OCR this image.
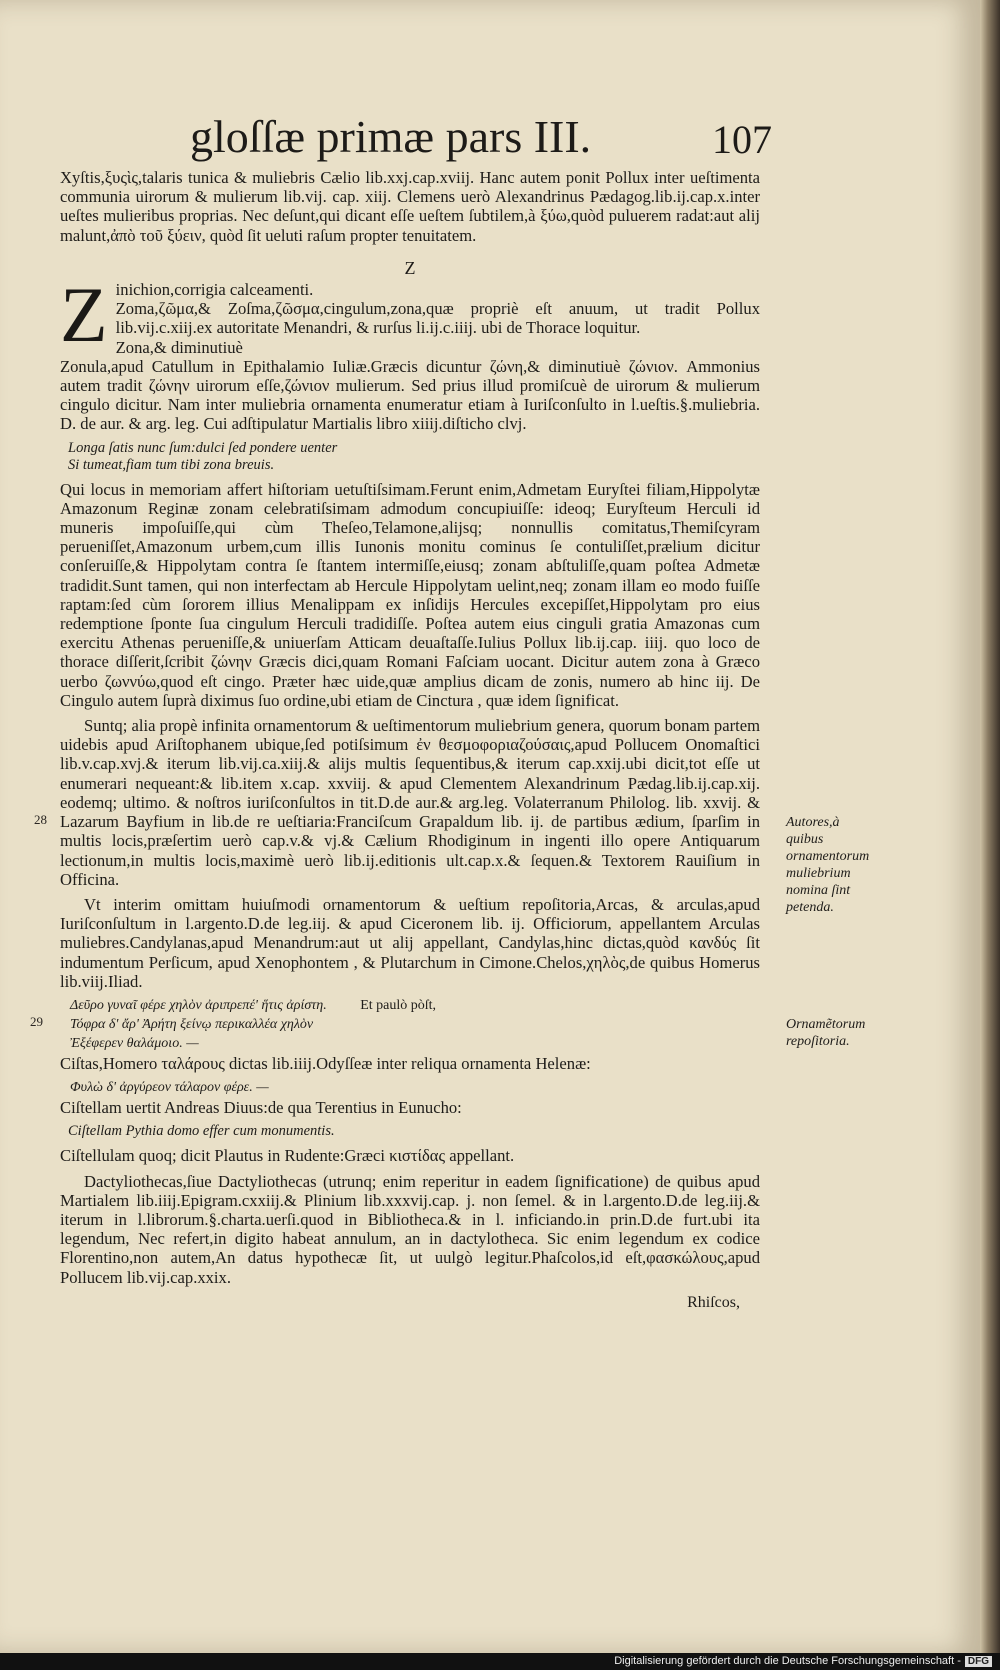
gloſſæ primæ pars III.	107

Xyſtis,ξυςὶς,talaris tunica & muliebris Cælio lib.xxj.cap.xviij. Hanc autem ponit Pollux inter ueſtimenta communia uirorum & mulierum lib.vij. cap. xiij. Clemens uerò Alexandrinus Pædagog.lib.ij.cap.x.inter ueſtes mulieribus proprias. Nec deſunt,qui dicant eſſe ueſtem ſubtilem,à ξύω,quòd puluerem radat:aut alij malunt,ἀπὸ τοῦ ξύειν, quòd ſit ueluti raſum propter tenuitatem.

Z

Z inichion,corrigia calceamenti.
Zoma,ζῶμα,& Zoſma,ζῶσμα,cingulum,zona,quæ propriè eſt anuum, ut tradit Pollux lib.vij.c.xiij.ex autoritate Menandri, & rurſus li.ij.c.iiij. ubi de Thorace loquitur.
Zona,& diminutiuè

Zonula,apud Catullum in Epithalamio Iuliæ.Græcis dicuntur ζώνη,& diminutiuè ζώνιον. Ammonius autem tradit ζώνην uirorum eſſe,ζώνιον mulierum. Sed prius illud promiſcuè de uirorum & mulierum cingulo dicitur. Nam inter muliebria ornamenta enumeratur etiam à Iuriſconſulto in l.ueſtis.§.muliebria. D. de aur. & arg. leg. Cui adſtipulatur Martialis libro xiiij.diſticho clvj.

Longa ſatis nunc ſum:dulci ſed pondere uenter
Si tumeat,fiam tum tibi zona breuis.

Qui locus in memoriam affert hiſtoriam uetuſtiſsimam.Ferunt enim,Admetam Euryſtei filiam,Hippolytæ Amazonum Reginæ zonam celebratiſsimam admodum concupiuiſſe: ideoq; Euryſteum Herculi id muneris impoſuiſſe,qui cùm Theſeo,Telamone,alijsq; nonnullis comitatus,Themiſcyram perueniſſet,Amazonum urbem,cum illis Iunonis monitu cominus ſe contuliſſet,prælium dicitur conſeruiſſe,& Hippolytam contra ſe ſtantem intermiſſe,eiusq; zonam abſtuliſſe,quam poſtea Admetæ tradidit.Sunt tamen, qui non interfectam ab Hercule Hippolytam uelint,neq; zonam illam eo modo fuiſſe raptam:ſed cùm ſororem illius Menalippam ex inſidijs Hercules excepiſſet,Hippolytam pro eius redemptione ſponte ſua cingulum Herculi tradidiſſe. Poſtea autem eius cinguli gratia Amazonas cum exercitu Athenas perueniſſe,& uniuerſam Atticam deuaſtaſſe.Iulius Pollux lib.ij.cap. iiij. quo loco de thorace diſſerit,ſcribit ζώνην Græcis dici,quam Romani Faſciam uocant. Dicitur autem zona à Græco uerbo ζωννύω,quod eſt cingo. Præter hæc uide,quæ amplius dicam de zonis, numero ab hinc iij. De Cingulo autem ſuprà diximus ſuo ordine,ubi etiam de Cinctura , quæ idem ſignificat.

Suntq; alia propè infinita ornamentorum & ueſtimentorum muliebrium genera, quorum bonam partem uidebis apud Ariſtophanem ubique,ſed potiſsimum ἐν θεσμοφοριαζούσαις,apud Pollucem Onomaſtici lib.v.cap.xvj.& iterum lib.vij.ca.xiij.& alijs multis ſequentibus,& iterum cap.xxij.ubi dicit,tot eſſe ut enumerari nequeant:& lib.item x.cap. xxviij. & apud Clementem Alexandrinum Pædag.lib.ij.cap.xij. eodemq; ultimo. & noſtros iuriſconſultos in tit.D.de aur.& arg.leg. Volaterranum Philolog. lib. xxvij. & Lazarum Bayfium in lib.de re ueſtiaria:Franciſcum Grapaldum lib. ij. de partibus ædium, ſparſim in multis locis,præſertim uerò cap.v.& vj.& Cælium Rhodiginum in ingenti illo opere Antiquarum lectionum,in multis locis,maximè uerò lib.ij.editionis ult.cap.x.& ſequen.& Textorem Rauiſium in Officina.

Vt interim omittam huiuſmodi ornamentorum & ueſtium repoſitoria,Arcas, & arculas,apud Iuriſconſultum in l.argento.D.de leg.iij. & apud Ciceronem lib. ij. Officiorum, appellantem Arculas muliebres.Candylanas,apud Menandrum:aut ut alij appellant, Candylas,hinc dictas,quòd κανδύς ſit indumentum Perſicum, apud Xenophontem , & Plutarchum in Cimone.Chelos,χηλὸς,de quibus Homerus lib.viij.Iliad.

Δεῦρο γυναῖ φέρε χηλὸν ἀριπρεπέ' ἥτις ἀρίστη. Et paulò pòſt,
Τόφρα δ' ἄρ' Ἀρήτη ξείνῳ περικαλλέα χηλὸν
Ἐξέφερεν θαλάμοιο. —

Ciſtas,Homero ταλάρους dictas lib.iiij.Odyſſeæ inter reliqua ornamenta Helenæ:

Φυλὼ δ' ἀργύρεον τάλαρον φέρε. —

Ciſtellam uertit Andreas Diuus:de qua Terentius in Eunucho:

Ciſtellam Pythia domo effer cum monumentis.

Ciſtellulam quoq; dicit Plautus in Rudente:Græci κιστίδας appellant.

Dactyliothecas,ſiue Dactyliothecas (utrunq; enim reperitur in eadem ſignificatione) de quibus apud Martialem lib.iiij.Epigram.cxxiij.& Plinium lib.xxxvij.cap. j. non ſemel. & in l.argento.D.de leg.iij.& iterum in l.librorum.§.charta.uerſi.quod in Bibliotheca.& in l. inficiando.in prin.D.de furt.ubi ita legendum, Nec refert,in digito habeat annulum, an in dactylotheca. Sic enim legendum ex codice Florentino,non autem,An datus hypothecæ ſit, ut uulgò legitur.Phaſcolos,id eſt,φασκώλους,apud Pollucem lib.vij.cap.xxix.

Rhiſcos,
28
29
Autores,à quibus ornamentorum muliebrium nomina ſint petenda.
Ornamẽtorum repoſitoria.
Digitalisierung gefördert durch die Deutsche Forschungsgemeinschaft - DFG
